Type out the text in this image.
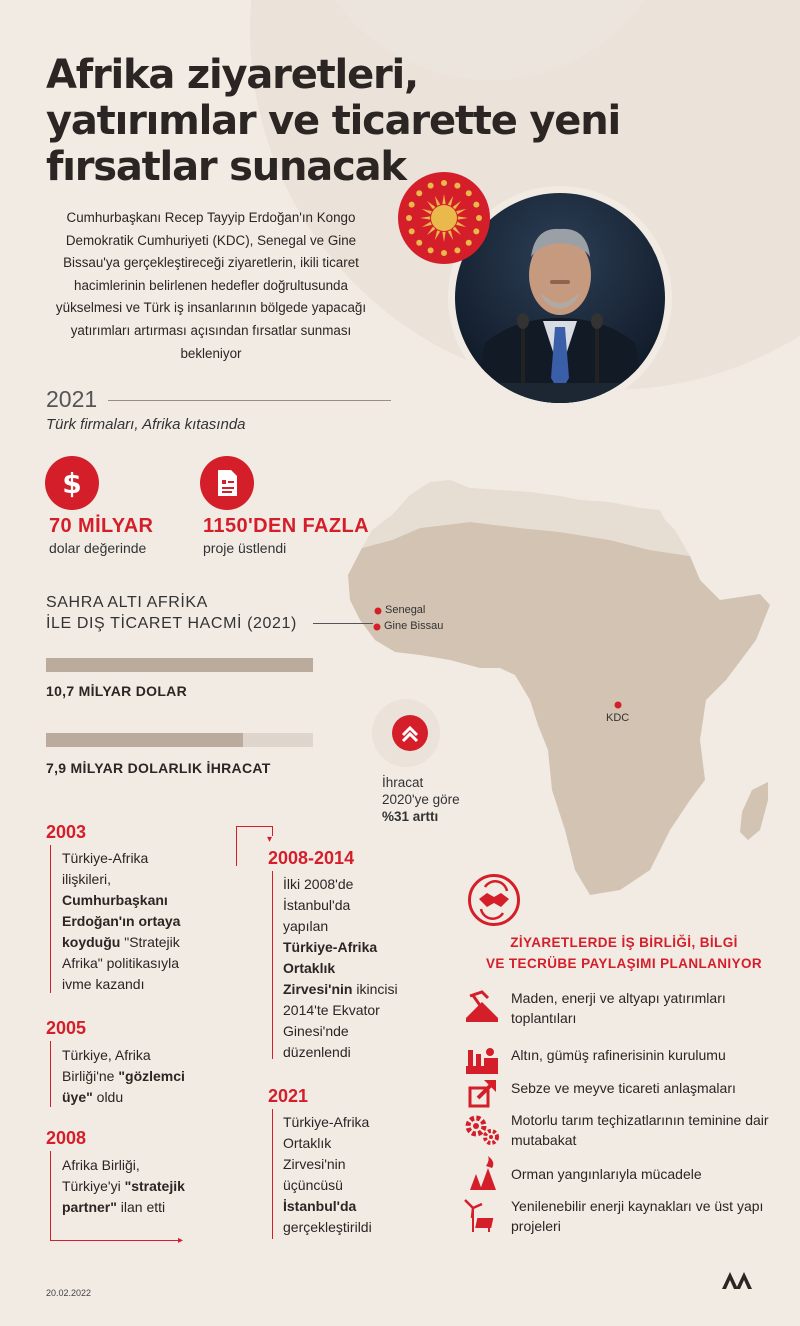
Senegal
Gine Bissau
KDC
Afrika ziyaretleri,
yatırımlar ve ticarette yeni
fırsatlar sunacak
Cumhurbaşkanı Recep Tayyip Erdoğan'ın Kongo Demokratik Cumhuriyeti (KDC), Senegal ve Gine Bissau'ya gerçekleştireceği ziyaretlerin, ikili ticaret hacimlerinin belirlenen hedefler doğrultusunda yükselmesi ve Türk iş insanlarının bölgede yapacağı yatırımları artırması açısından fırsatlar sunması bekleniyor
2021
Türk firmaları, Afrika kıtasında
$
70 MİLYAR
dolar değerinde
1150'DEN FAZLA
proje üstlendi
SAHRA ALTI AFRİKA
İLE DIŞ TİCARET HACMİ (2021)
10,7 MİLYAR DOLAR
7,9 MİLYAR DOLARLIK İHRACAT
İhracat
2020'ye göre
%31 arttı
2003
Türkiye-Afrika
ilişkileri,
Cumhurbaşkanı
Erdoğan'ın ortaya
koyduğu "Stratejik
Afrika" politikasıyla
ivme kazandı
2005
Türkiye, Afrika
Birliği'ne "gözlemci
üye" oldu
2008
▸
Afrika Birliği,
Türkiye'yi "stratejik
partner" ilan etti
▾
2008-2014
İlki 2008'de
İstanbul'da
yapılan
Türkiye-Afrika
Ortaklık
Zirvesi'nin ikincisi
2014'te Ekvator
Ginesi'nde
düzenlendi
2021
Türkiye-Afrika
Ortaklık
Zirvesi'nin
üçüncüsü
İstanbul'da
gerçekleştirildi
ZİYARETLERDE İŞ BİRLİĞİ, BİLGİ
VE TECRÜBE PAYLAŞIMI PLANLANIYOR
Maden, enerji ve altyapı yatırımları toplantıları
Altın, gümüş rafinerisinin kurulumu
Sebze ve meyve ticareti anlaşmaları
Motorlu tarım teçhizatlarının teminine dair mutabakat
Orman yangınlarıyla mücadele
Yenilenebilir enerji kaynakları ve üst yapı projeleri
20.02.2022
AA
